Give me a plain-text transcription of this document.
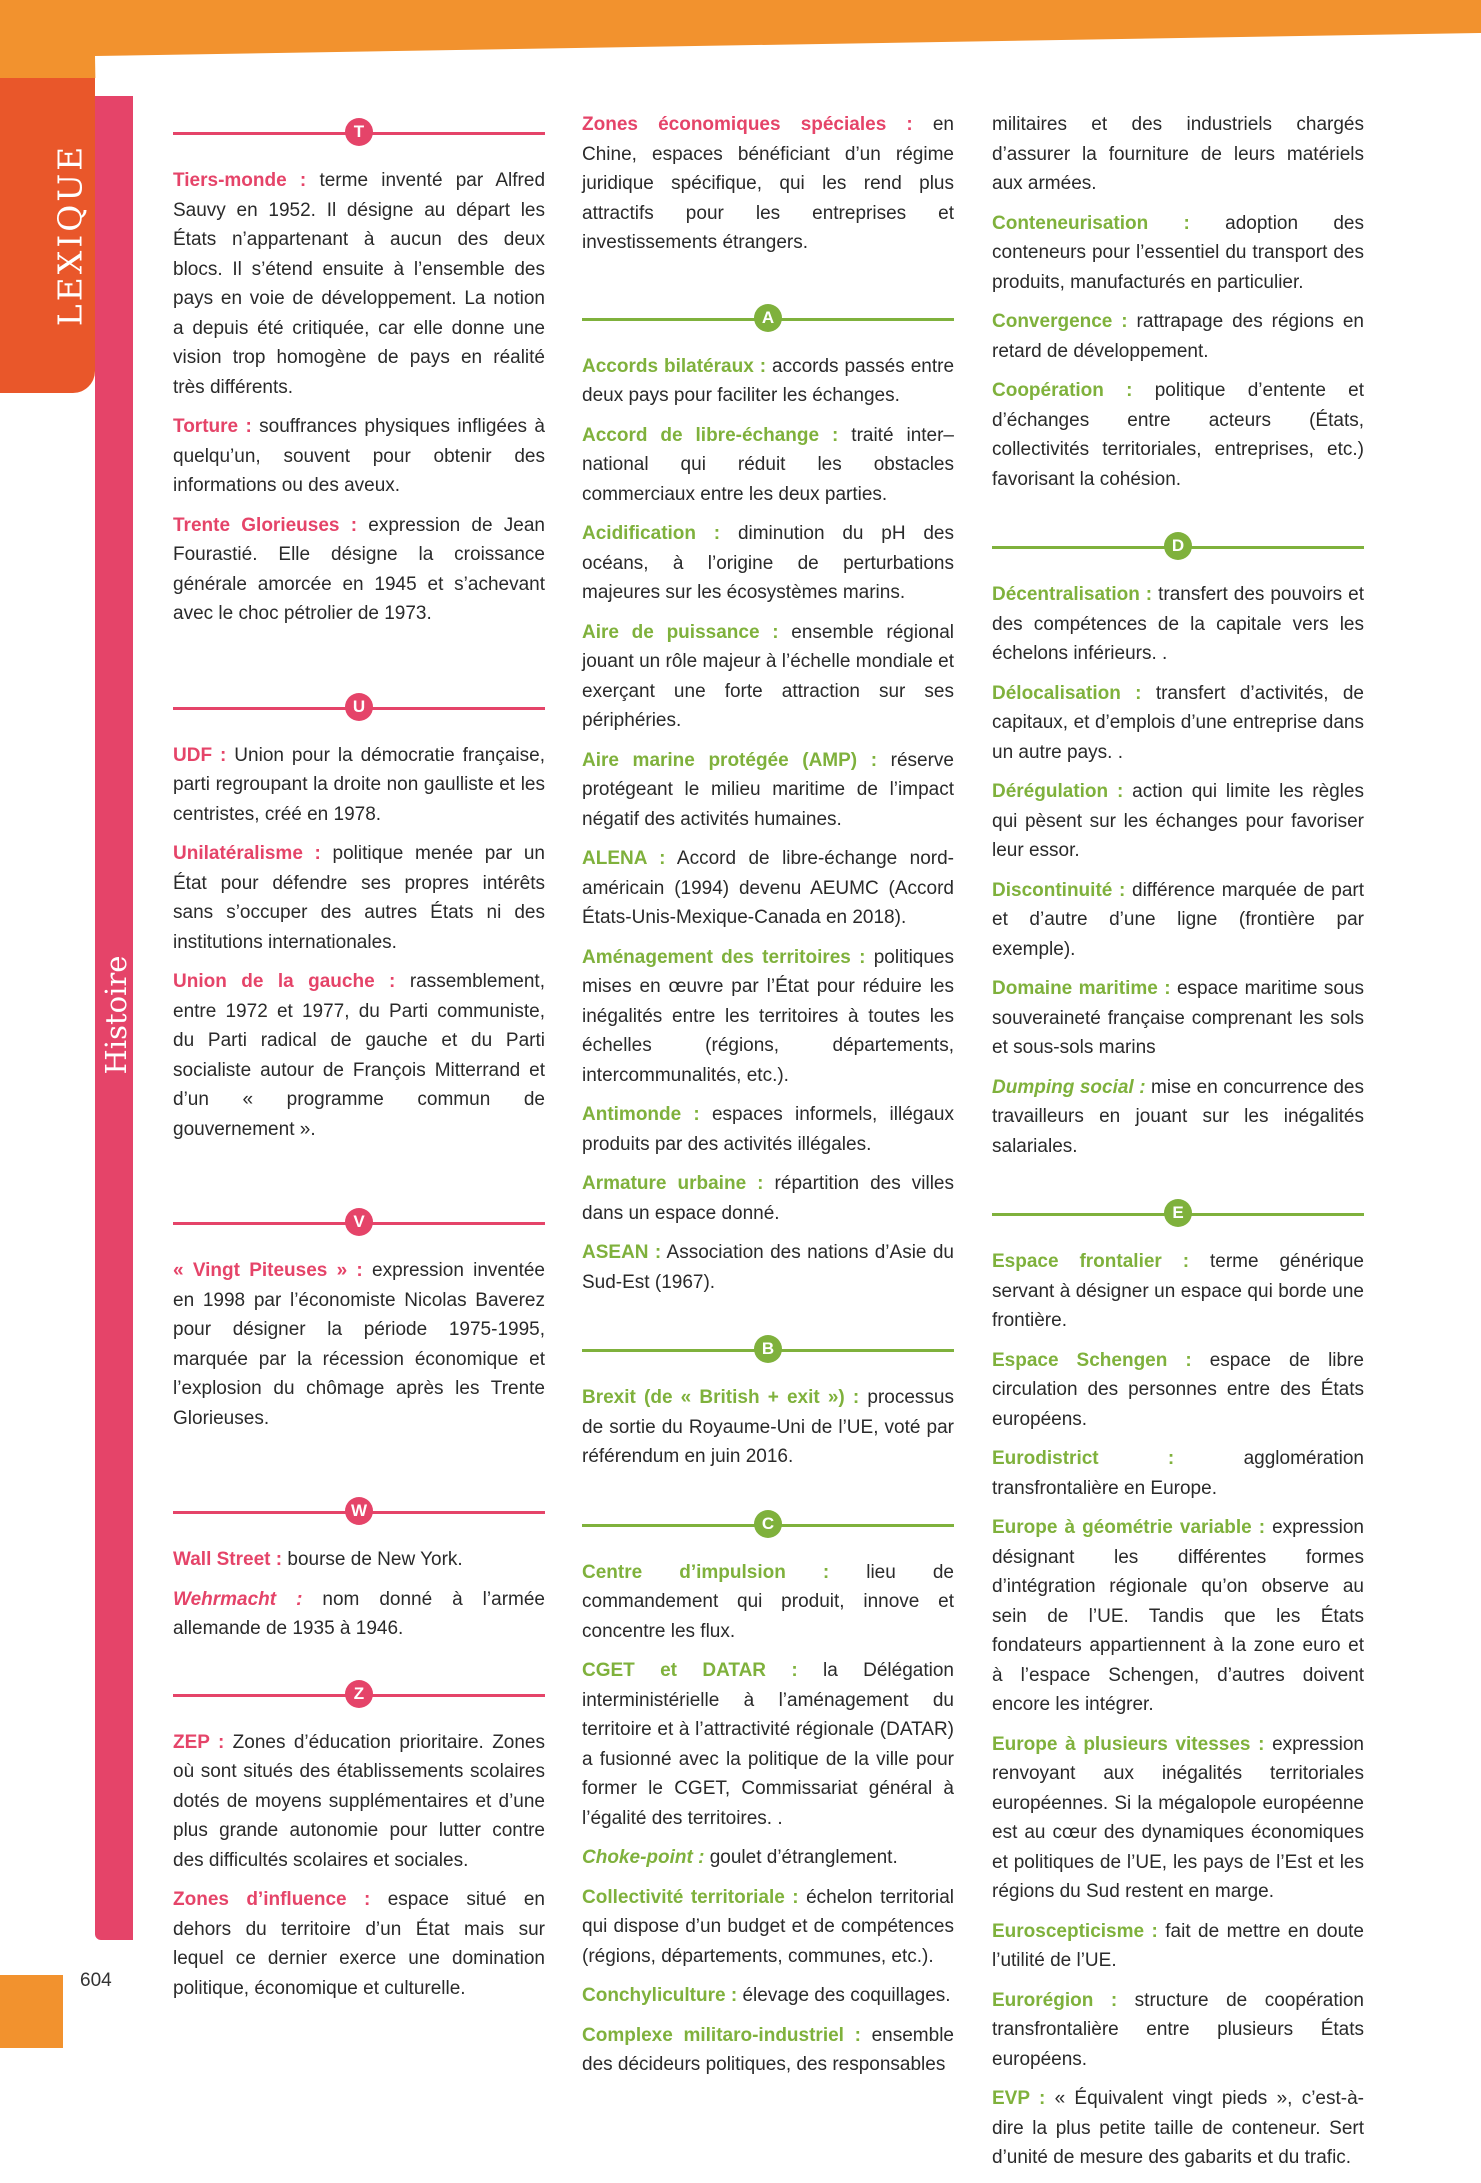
LEXIQUE
Histoire
604
T

Tiers-monde : terme inventé par Alfred Sauvy en 1952. Il désigne au départ les États n’appartenant à aucun des deux blocs. Il s’étend ensuite à l’ensemble des pays en voie de développement. La notion a depuis été critiquée, car elle donne une vision trop homogène de pays en réalité très différents.

Torture : souffrances physiques infligées à quelqu’un, souvent pour obtenir des informations ou des aveux.

Trente Glorieuses : expression de Jean Fourastié. Elle désigne la croissance générale amorcée en 1945 et s’achevant avec le choc pétrolier de 1973.

U

UDF : Union pour la démocratie française, parti regroupant la droite non gaulliste et les centristes, créé en 1978.

Unilatéralisme : politique menée par un État pour défendre ses propres intérêts sans s’occuper des autres États ni des institutions internationales.

Union de la gauche : rassemblement, entre 1972 et 1977, du Parti communiste, du Parti radical de gauche et du Parti socialiste autour de François Mitterrand et d’un « programme commun de gouvernement ».

V

« Vingt Piteuses » : expression inventée en 1998 par l’économiste Nicolas Baverez pour désigner la période 1975-1995, marquée par la récession économique et l’explosion du chômage après les Trente Glorieuses.

W

Wall Street : bourse de New York.

Wehrmacht : nom donné à l’armée allemande de 1935 à 1946.

Z

ZEP : Zones d’éducation prioritaire. Zones où sont situés des établissements scolaires dotés de moyens supplémentaires et d’une plus grande autonomie pour lutter contre des difficultés scolaires et sociales.

Zones d’influence : espace situé en dehors du territoire d’un État mais sur lequel ce dernier exerce une domination politique, économique et culturelle.

Zones économiques spéciales : en Chine, espaces bénéficiant d’un régime juridique spécifique, qui les rend plus attractifs pour les entreprises et investissements étrangers.

A

Accords bilatéraux : accords passés entre deux pays pour faciliter les échanges.

Accord de libre-échange : traité inter–national qui réduit les obstacles commerciaux entre les deux parties.

Acidification : diminution du pH des océans, à l’origine de perturbations majeures sur les écosystèmes marins.

Aire de puissance : ensemble régional jouant un rôle majeur à l’échelle mondiale et exerçant une forte attraction sur ses périphéries.

Aire marine protégée (AMP) : réserve protégeant le milieu maritime de l’impact négatif des activités humaines.

ALENA : Accord de libre-échange nord-américain (1994) devenu AEUMC (Accord États-Unis-Mexique-Canada en 2018).

Aménagement des territoires : politiques mises en œuvre par l’État pour réduire les inégalités entre les territoires à toutes les échelles (régions, départements, intercommunalités, etc.).

Antimonde : espaces informels, illégaux produits par des activités illégales.

Armature urbaine : répartition des villes dans un espace donné.

ASEAN : Association des nations d’Asie du Sud-Est (1967).

B

Brexit (de « British + exit ») : processus de sortie du Royaume-Uni de l’UE, voté par référendum en juin 2016.

C

Centre d’impulsion : lieu de commandement qui produit, innove et concentre les flux.

CGET et DATAR : la Délégation interministérielle à l’aménagement du territoire et à l’attractivité régionale (DATAR) a fusionné avec la politique de la ville pour former le CGET, Commissariat général à l’égalité des territoires. .

Choke-point : goulet d’étranglement.

Collectivité territoriale : échelon territorial qui dispose d’un budget et de compétences (régions, départements, communes, etc.).

Conchyliculture : élevage des coquillages.

Complexe militaro-industriel : ensemble des décideurs politiques, des responsables

militaires et des industriels chargés d’assurer la fourniture de leurs matériels aux armées.

Conteneurisation : adoption des conteneurs pour l’essentiel du transport des produits, manufacturés en particulier.

Convergence : rattrapage des régions en retard de développement.

Coopération : politique d’entente et d’échanges entre acteurs (États, collectivités territoriales, entreprises, etc.) favorisant la cohésion.

D

Décentralisation : transfert des pouvoirs et des compétences de la capitale vers les échelons inférieurs. .

Délocalisation : transfert d’activités, de capitaux, et d’emplois d’une entreprise dans un autre pays. .

Dérégulation : action qui limite les règles qui pèsent sur les échanges pour favoriser leur essor.

Discontinuité : différence marquée de part et d’autre d’une ligne (frontière par exemple).

Domaine maritime : espace maritime sous souveraineté française comprenant les sols et sous-sols marins

Dumping social : mise en concurrence des travailleurs en jouant sur les inégalités salariales.

E

Espace frontalier : terme générique servant à désigner un espace qui borde une frontière.

Espace Schengen : espace de libre circulation des personnes entre des États européens.

Eurodistrict : agglomération transfrontalière en Europe.

Europe à géométrie variable : expression désignant les différentes formes d’intégration régionale qu’on observe au sein de l’UE. Tandis que les États fondateurs appartiennent à la zone euro et à l’espace Schengen, d’autres doivent encore les intégrer.

Europe à plusieurs vitesses : expression renvoyant aux inégalités territoriales européennes. Si la mégalopole européenne est au cœur des dynamiques économiques et politiques de l’UE, les pays de l’Est et les régions du Sud restent en marge.

Euroscepticisme : fait de mettre en doute l’utilité de l’UE.

Eurorégion : structure de coopération transfrontalière entre plusieurs États européens.

EVP : « Équivalent vingt pieds », c’est-à-dire la plus petite taille de conteneur. Sert d’unité de mesure des gabarits et du trafic.
